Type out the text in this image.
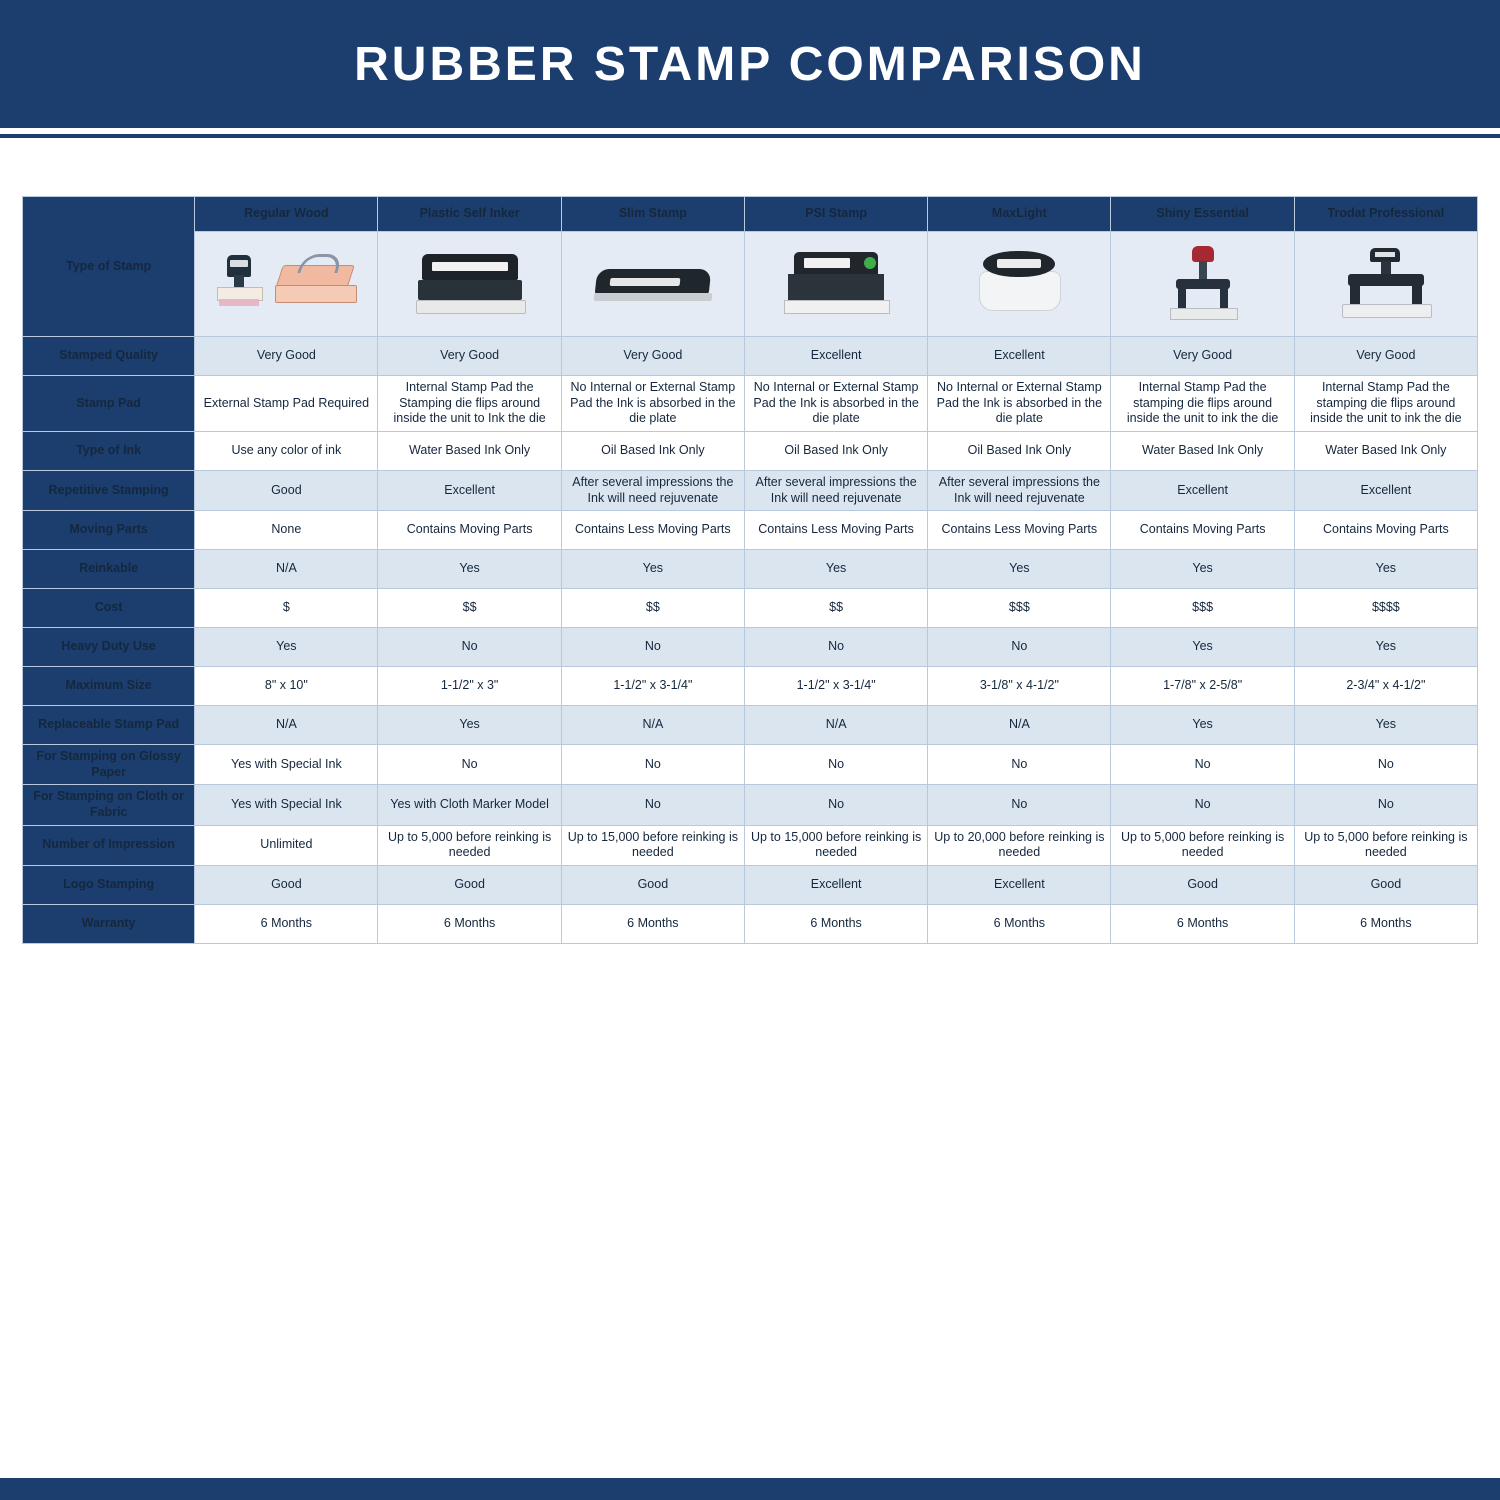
RUBBER STAMP COMPARISON
Type of Stamp	Regular Wood	Plastic Self Inker	Slim Stamp	PSI Stamp	MaxLight	Shiny Essential	Trodat Professional

Stamped Quality	Very Good	Very Good	Very Good	Excellent	Excellent	Very Good	Very Good
Stamp Pad	External Stamp Pad Required	Internal Stamp Pad the Stamping die flips around inside the unit to Ink the die	No Internal or External Stamp Pad the Ink is absorbed in the die plate	No Internal or External Stamp Pad the Ink is absorbed in the die plate	No Internal or External Stamp Pad the Ink is absorbed in the die plate	Internal Stamp Pad the stamping die flips around inside the unit to ink the die	Internal Stamp Pad the stamping die flips around inside the unit to ink the die
Type of Ink	Use any color of ink	Water Based Ink Only	Oil Based Ink Only	Oil Based Ink Only	Oil Based Ink Only	Water Based Ink Only	Water Based Ink Only
Repetitive Stamping	Good	Excellent	After several impressions the Ink will need rejuvenate	After several impressions the Ink will need rejuvenate	After several impressions the Ink will need rejuvenate	Excellent	Excellent
Moving Parts	None	Contains Moving Parts	Contains Less Moving Parts	Contains Less Moving Parts	Contains Less Moving Parts	Contains Moving Parts	Contains Moving Parts
Reinkable	N/A	Yes	Yes	Yes	Yes	Yes	Yes
Cost	$	$$	$$	$$	$$$	$$$	$$$$
Heavy Duty Use	Yes	No	No	No	No	Yes	Yes
Maximum Size	8" x 10"	1-1/2" x 3"	1-1/2" x 3-1/4"	1-1/2" x 3-1/4"	3-1/8" x 4-1/2"	1-7/8" x 2-5/8"	2-3/4" x 4-1/2"
Replaceable Stamp Pad	N/A	Yes	N/A	N/A	N/A	Yes	Yes
For Stamping on Glossy Paper	Yes with Special Ink	No	No	No	No	No	No
For Stamping on Cloth or Fabric	Yes with Special Ink	Yes with Cloth Marker Model	No	No	No	No	No
Number of Impression	Unlimited	Up to 5,000 before reinking is needed	Up to 15,000 before reinking is needed	Up to 15,000 before reinking is needed	Up to 20,000 before reinking is needed	Up to 5,000 before reinking is needed	Up to 5,000 before reinking is needed
Logo Stamping	Good	Good	Good	Excellent	Excellent	Good	Good
Warranty	6 Months	6 Months	6 Months	6 Months	6 Months	6 Months	6 Months
